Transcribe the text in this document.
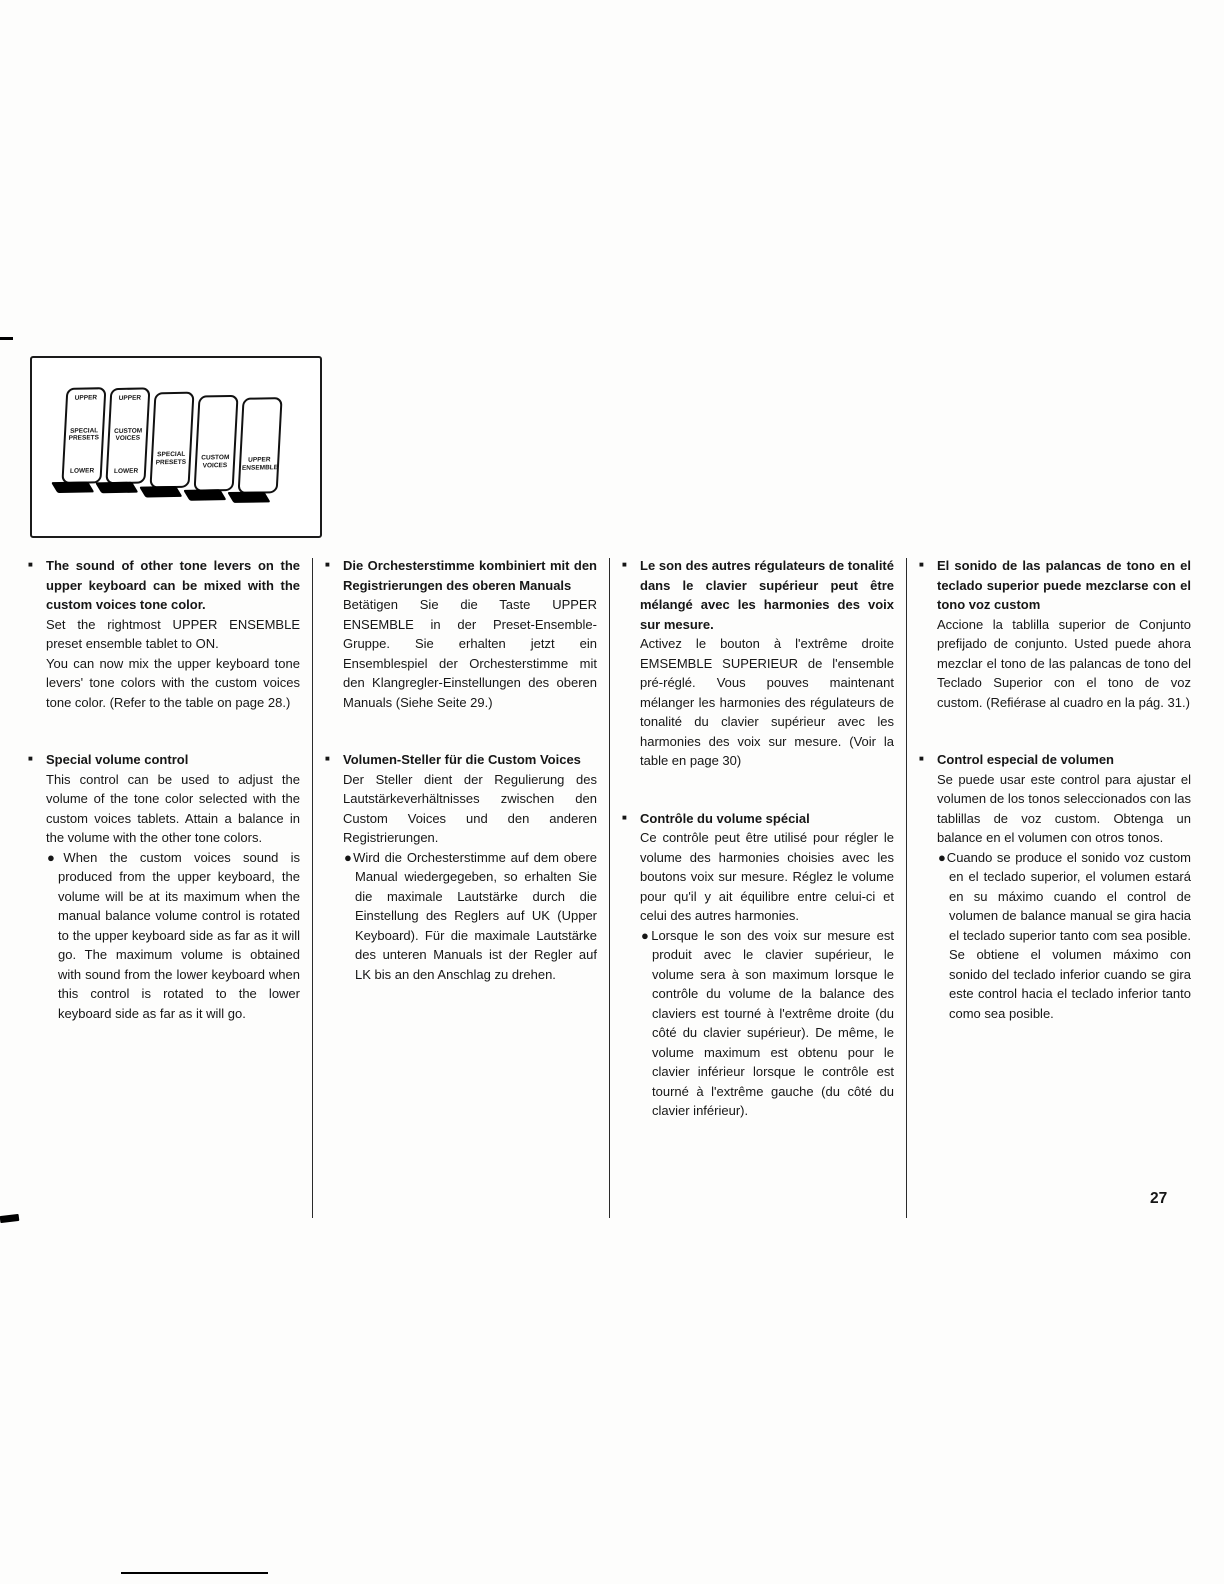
UPPER
SPECIAL PRESETS
LOWER
UPPER
CUSTOM VOICES
LOWER
SPECIAL PRESETS
CUSTOM VOICES
UPPER ENSEMBLE
■	The sound of other tone levers on the upper keyboard can be mixed with the custom voices tone color.

Set the rightmost UPPER ENSEMBLE preset ensemble tablet to ON.

You can now mix the upper keyboard tone levers' tone colors with the custom voices tone color. (Refer to the table on page 28.)

■	Special volume control

This control can be used to adjust the volume of the tone color selected with the custom voices tablets. Attain a balance in the volume with the other tone colors.

●When the custom voices sound is produced from the upper keyboard, the volume will be at its maximum when the manual balance volume control is rotated to the upper keyboard side as far as it will go. The maximum volume is obtained with sound from the lower keyboard when this control is rotated to the lower keyboard side as far as it will go.

■	Die Orchesterstimme kombiniert mit den Registrierungen des oberen Manuals

Betätigen Sie die Taste UPPER ENSEMBLE in der Preset-Ensemble-Gruppe. Sie erhalten jetzt ein Ensemblespiel der Orchesterstimme mit den Klangregler-Einstellungen des oberen Manuals (Siehe Seite 29.)

■	Volumen-Steller für die Custom Voices

Der Steller dient der Regulierung des Lautstärkeverhältnisses zwischen den Custom Voices und den anderen Registrierungen.

●Wird die Orchesterstimme auf dem obere Manual wiedergegeben, so erhalten Sie die maximale Lautstärke durch die Einstellung des Reglers auf UK (Upper Keyboard). Für die maximale Lautstärke des unteren Manuals ist der Regler auf LK bis an den Anschlag zu drehen.

■	Le son des autres régulateurs de tonalité dans le clavier supérieur peut être mélangé avec les harmonies des voix sur mesure.

Activez le bouton à l'extrême droite EMSEMBLE SUPERIEUR de l'ensemble pré-réglé. Vous pouves maintenant mélanger les harmonies des régulateurs de tonalité du clavier supérieur avec les harmonies des voix sur mesure. (Voir la table en page 30)

■	Contrôle du volume spécial

Ce contrôle peut être utilisé pour régler le volume des harmonies choisies avec les boutons voix sur mesure. Réglez le volume pour qu'il y ait équilibre entre celui-ci et celui des autres harmonies.

●Lorsque le son des voix sur mesure est produit avec le clavier supérieur, le volume sera à son maximum lorsque le contrôle du volume de la balance des claviers est tourné à l'extrême droite (du côté du clavier supérieur). De même, le volume maximum est obtenu pour le clavier inférieur lorsque le contrôle est tourné à l'extrême gauche (du côté du clavier inférieur).

■	El sonido de las palancas de tono en el teclado superior puede mezclarse con el tono voz custom

Accione la tablilla superior de Conjunto prefijado de conjunto. Usted puede ahora mezclar el tono de las palancas de tono del Teclado Superior con el tono de voz custom. (Refiérase al cuadro en la pág. 31.)

■	Control especial de volumen

Se puede usar este control para ajustar el volumen de los tonos seleccionados con las tablillas de voz custom. Obtenga un balance en el volumen con otros tonos.

●Cuando se produce el sonido voz custom en el teclado superior, el volumen estará en su máximo cuando el control de volumen de balance manual se gira hacia el teclado superior tanto com sea posible. Se obtiene el volumen máximo con sonido del teclado inferior cuando se gira este control hacia el teclado inferior tanto como sea posible.

27
